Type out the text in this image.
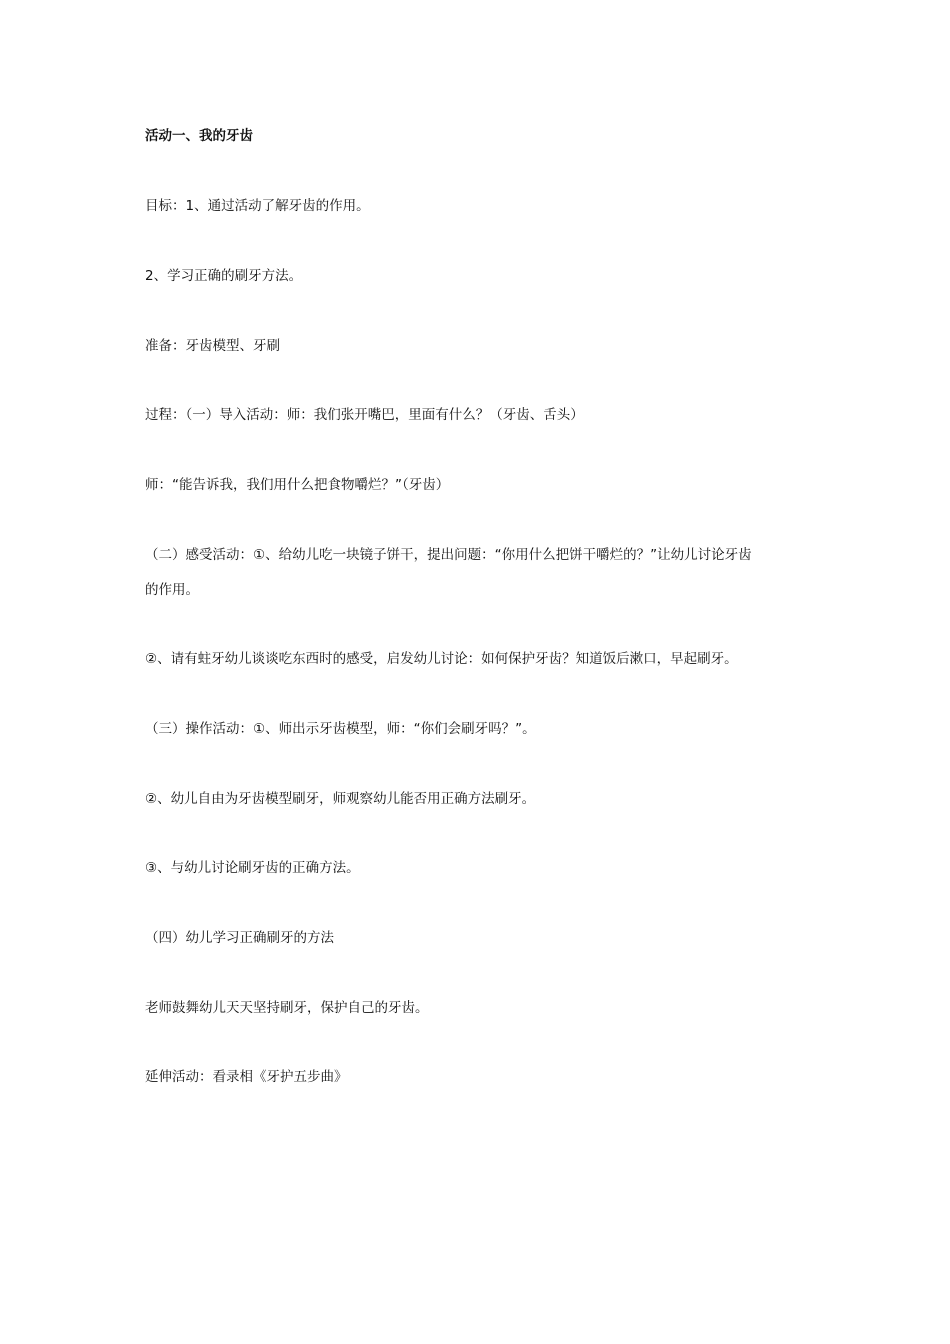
活动一、我的牙齿
目标：1、通过活动了解牙齿的作用。
2、学习正确的刷牙方法。
准备：牙齿模型、牙刷
过程：（一）导入活动：师：我们张开嘴巴，里面有什么？（牙齿、舌头）
师：“能告诉我，我们用什么把食物嚼烂？”（牙齿）
（二）感受活动：①、给幼儿吃一块镜子饼干，提出问题：“你用什么把饼干嚼烂的？”让幼儿讨论牙齿
的作用。
②、请有蛀牙幼儿谈谈吃东西时的感受，启发幼儿讨论：如何保护牙齿？知道饭后漱口，早起刷牙。
（三）操作活动：①、师出示牙齿模型，师：“你们会刷牙吗？”。
②、幼儿自由为牙齿模型刷牙，师观察幼儿能否用正确方法刷牙。
③、与幼儿讨论刷牙齿的正确方法。
（四）幼儿学习正确刷牙的方法
老师鼓舞幼儿天天坚持刷牙，保护自己的牙齿。
延伸活动：看录相《牙护五步曲》
